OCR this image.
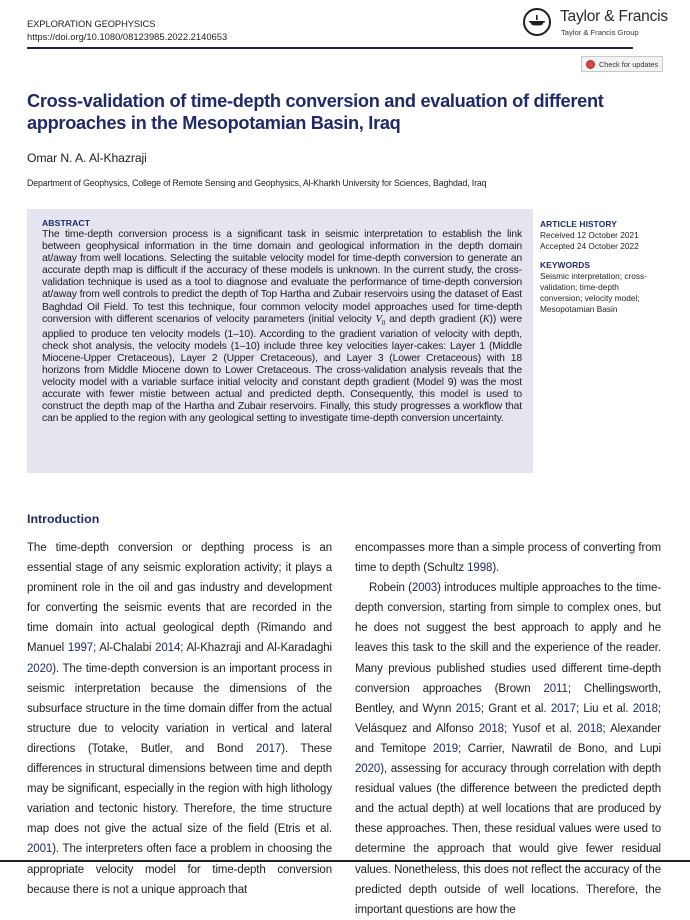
EXPLORATION GEOPHYSICS
https://doi.org/10.1080/08123985.2022.2140653
Taylor & Francis
Taylor & Francis Group
Check for updates
Cross-validation of time-depth conversion and evaluation of different approaches in the Mesopotamian Basin, Iraq
Omar N. A. Al-Khazraji
Department of Geophysics, College of Remote Sensing and Geophysics, Al-Kharkh University for Sciences, Baghdad, Iraq
ABSTRACT
The time-depth conversion process is a significant task in seismic interpretation to establish the link between geophysical information in the time domain and geological information in the depth domain at/away from well locations. Selecting the suitable velocity model for time-depth conversion to generate an accurate depth map is difficult if the accuracy of these models is unknown. In the current study, the cross-validation technique is used as a tool to diagnose and evaluate the performance of time-depth conversion at/away from well controls to predict the depth of Top Hartha and Zubair reservoirs using the dataset of East Baghdad Oil Field. To test this technique, four common velocity model approaches used for time-depth conversion with different scenarios of velocity parameters (initial velocity $V_0$ and depth gradient (K)) were applied to produce ten velocity models (1–10). According to the gradient variation of velocity with depth, check shot analysis, the velocity models (1–10) include three key velocities layer-cakes: Layer 1 (Middle Miocene-Upper Cretaceous), Layer 2 (Upper Cretaceous), and Layer 3 (Lower Cretaceous) with 18 horizons from Middle Miocene down to Lower Cretaceous. The cross-validation analysis reveals that the velocity model with a variable surface initial velocity and constant depth gradient (Model 9) was the most accurate with fewer mistie between actual and predicted depth. Consequently, this model is used to construct the depth map of the Hartha and Zubair reservoirs. Finally, this study progresses a workflow that can be applied to the region with any geological setting to investigate time-depth conversion uncertainty.
ARTICLE HISTORY
Received 12 October 2021
Accepted 24 October 2022
KEYWORDS
Seismic interpretation; cross-validation; time-depth conversion; velocity model; Mesopotamian Basin
Introduction

The time-depth conversion or depthing process is an essential stage of any seismic exploration activity; it plays a prominent role in the oil and gas industry and development for converting the seismic events that are recorded in the time domain into actual geological depth (Rimando and Manuel 1997; Al-Chalabi 2014; Al-Khazraji and Al-Karadaghi 2020). The time-depth conversion is an important process in seismic interpretation because the dimensions of the subsurface structure in the time domain differ from the actual structure due to velocity variation in vertical and lateral directions (Totake, Butler, and Bond 2017). These differences in structural dimensions between time and depth may be significant, especially in the region with high lithology variation and tectonic history. Therefore, the time structure map does not give the actual size of the field (Etris et al. 2001). The interpreters often face a problem in choosing the appropriate velocity model for time-depth conversion because there is not a unique approach that

encompasses more than a simple process of converting from time to depth (Schultz 1998).

Robein (2003) introduces multiple approaches to the time-depth conversion, starting from simple to complex ones, but he does not suggest the best approach to apply and he leaves this task to the skill and the experience of the reader. Many previous published studies used different time-depth conversion approaches (Brown 2011; Chellingsworth, Bentley, and Wynn 2015; Grant et al. 2017; Liu et al. 2018; Velásquez and Alfonso 2018; Yusof et al. 2018; Alexander and Temitope 2019; Carrier, Nawratil de Bono, and Lupi 2020), assessing for accuracy through correlation with depth residual values (the difference between the predicted depth and the actual depth) at well locations that are produced by these approaches. Then, these residual values were used to determine the approach that would give fewer residual values. Nonetheless, this does not reflect the accuracy of the predicted depth outside of well locations. Therefore, the important questions are how the
